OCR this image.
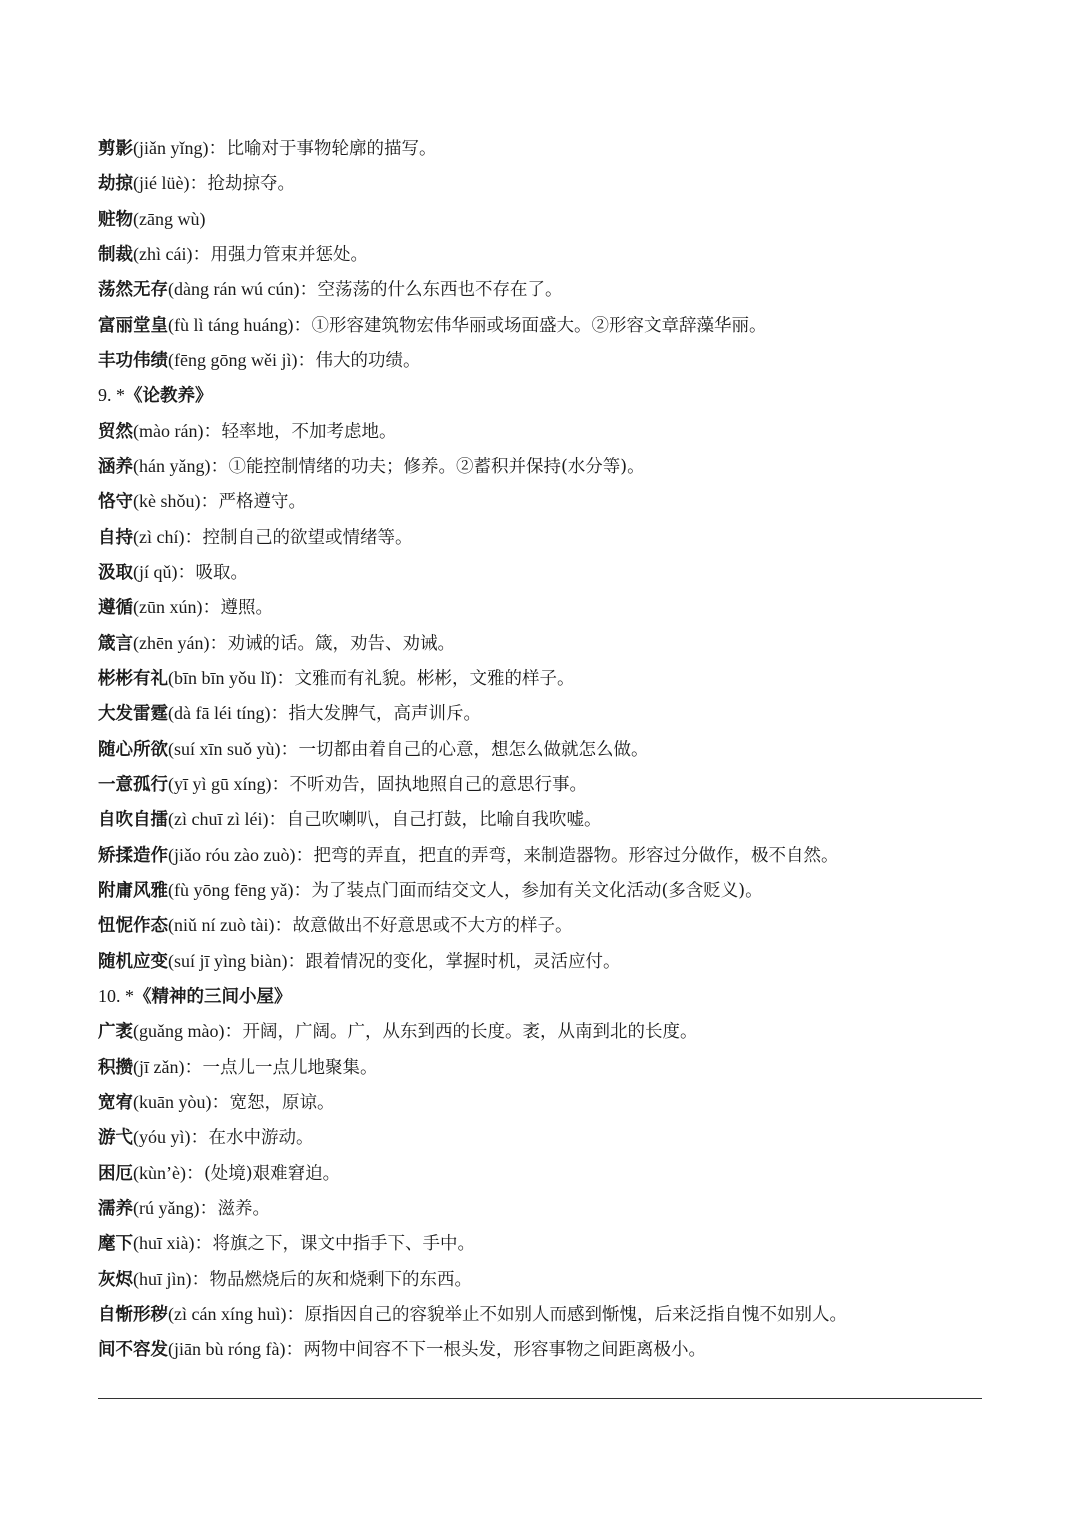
剪影(jiǎn yǐng)：比喻对于事物轮廓的描写。
劫掠(jié lüè)：抢劫掠夺。
赃物(zāng wù)
制裁(zhì cái)：用强力管束并惩处。
荡然无存(dàng rán wú cún)：空荡荡的什么东西也不存在了。
富丽堂皇(fù lì táng huáng)：①形容建筑物宏伟华丽或场面盛大。②形容文章辞藻华丽。
丰功伟绩(fēng gōng wěi jì)：伟大的功绩。
9. *《论教养》
贸然(mào rán)：轻率地，不加考虑地。
涵养(hán yǎng)：①能控制情绪的功夫；修养。②蓄积并保持(水分等)。
恪守(kè shǒu)：严格遵守。
自持(zì chí)：控制自己的欲望或情绪等。
汲取(jí qǔ)：吸取。
遵循(zūn xún)：遵照。
箴言(zhēn yán)：劝诫的话。箴，劝告、劝诫。
彬彬有礼(bīn bīn yǒu lǐ)：文雅而有礼貌。彬彬，文雅的样子。
大发雷霆(dà fā léi tíng)：指大发脾气，高声训斥。
随心所欲(suí xīn suǒ yù)：一切都由着自己的心意，想怎么做就怎么做。
一意孤行(yī yì gū xíng)：不听劝告，固执地照自己的意思行事。
自吹自擂(zì chuī zì léi)：自己吹喇叭，自己打鼓，比喻自我吹嘘。
矫揉造作(jiǎo róu zào zuò)：把弯的弄直，把直的弄弯，来制造器物。形容过分做作，极不自然。
附庸风雅(fù yōng fēng yǎ)：为了装点门面而结交文人，参加有关文化活动(多含贬义)。
忸怩作态(niǔ ní zuò tài)：故意做出不好意思或不大方的样子。
随机应变(suí jī yìng biàn)：跟着情况的变化，掌握时机，灵活应付。
10. *《精神的三间小屋》
广袤(guǎng mào)：开阔，广阔。广，从东到西的长度。袤，从南到北的长度。
积攒(jī zǎn)：一点儿一点儿地聚集。
宽宥(kuān yòu)：宽恕，原谅。
游弋(yóu yì)：在水中游动。
困厄(kùn’è)：(处境)艰难窘迫。
濡养(rú yǎng)：滋养。
麾下(huī xià)：将旗之下，课文中指手下、手中。
灰烬(huī jìn)：物品燃烧后的灰和烧剩下的东西。
自惭形秽(zì cán xíng huì)：原指因自己的容貌举止不如别人而感到惭愧，后来泛指自愧不如别人。
间不容发(jiān bù róng fà)：两物中间容不下一根头发，形容事物之间距离极小。
